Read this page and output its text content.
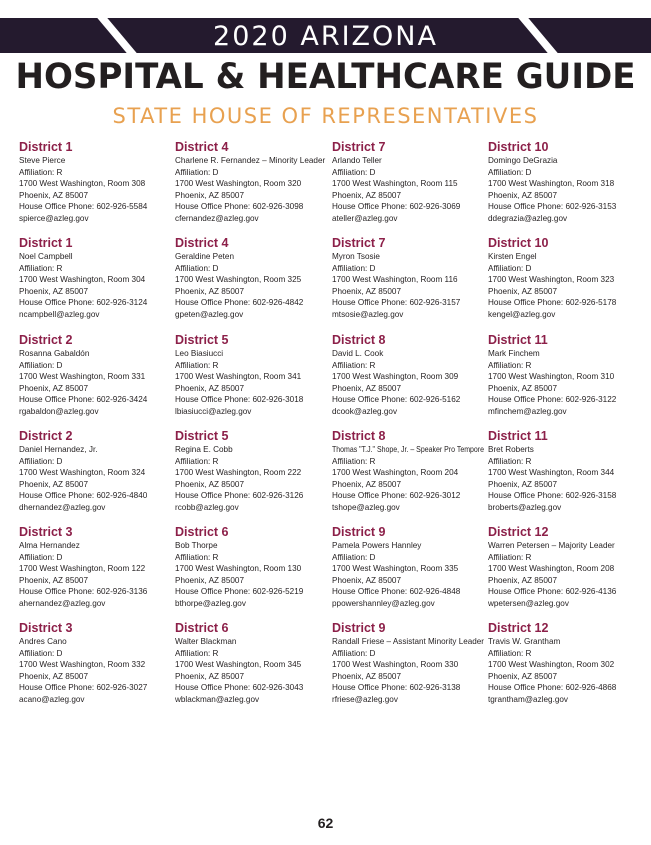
2020 ARIZONA
HOSPITAL & HEALTHCARE GUIDE
STATE HOUSE OF REPRESENTATIVES

District 1

Steve Pierce

Affiliation: R

1700 West Washington, Room 308

Phoenix, AZ 85007

House Office Phone: 602-926-5584

spierce@azleg.gov

District 1

Noel Campbell

Affiliation: R

1700 West Washington, Room 304

Phoenix, AZ 85007

House Office Phone: 602-926-3124

ncampbell@azleg.gov

District 2

Rosanna Gabaldón

Affiliation: D

1700 West Washington, Room 331

Phoenix, AZ 85007

House Office Phone: 602-926-3424

rgabaldon@azleg.gov

District 2

Daniel Hernandez, Jr.

Affiliation: D

1700 West Washington, Room 324

Phoenix, AZ 85007

House Office Phone: 602-926-4840

dhernandez@azleg.gov

District 3

Alma Hernandez

Affiliation: D

1700 West Washington, Room 122

Phoenix, AZ 85007

House Office Phone: 602-926-3136

ahernandez@azleg.gov

District 3

Andres Cano

Affiliation: D

1700 West Washington, Room 332

Phoenix, AZ 85007

House Office Phone: 602-926-3027

acano@azleg.gov

District 4

Charlene R. Fernandez – Minority Leader

Affiliation: D

1700 West Washington, Room 320

Phoenix, AZ 85007

House Office Phone: 602-926-3098

cfernandez@azleg.gov

District 4

Geraldine Peten

Affiliation: D

1700 West Washington, Room 325

Phoenix, AZ 85007

House Office Phone: 602-926-4842

gpeten@azleg.gov

District 5

Leo Biasiucci

Affiliation: R

1700 West Washington, Room 341

Phoenix, AZ 85007

House Office Phone: 602-926-3018

lbiasiucci@azleg.gov

District 5

Regina E. Cobb

Affiliation: R

1700 West Washington, Room 222

Phoenix, AZ 85007

House Office Phone: 602-926-3126

rcobb@azleg.gov

District 6

Bob Thorpe

Affiliation: R

1700 West Washington, Room 130

Phoenix, AZ 85007

House Office Phone: 602-926-5219

bthorpe@azleg.gov

District 6

Walter Blackman

Affiliation: R

1700 West Washington, Room 345

Phoenix, AZ 85007

House Office Phone: 602-926-3043

wblackman@azleg.gov

District 7

Arlando Teller

Affiliation: D

1700 West Washington, Room 115

Phoenix, AZ 85007

House Office Phone: 602-926-3069

ateller@azleg.gov

District 7

Myron Tsosie

Affiliation: D

1700 West Washington, Room 116

Phoenix, AZ 85007

House Office Phone: 602-926-3157

mtsosie@azleg.gov

District 8

David L. Cook

Affiliation: R

1700 West Washington, Room 309

Phoenix, AZ 85007

House Office Phone: 602-926-5162

dcook@azleg.gov

District 8

Thomas "T.J." Shope, Jr. – Speaker Pro Tempore

Affiliation: R

1700 West Washington, Room 204

Phoenix, AZ 85007

House Office Phone: 602-926-3012

tshope@azleg.gov

District 9

Pamela Powers Hannley

Affiliation: D

1700 West Washington, Room 335

Phoenix, AZ 85007

House Office Phone: 602-926-4848

ppowershannley@azleg.gov

District 9

Randall Friese – Assistant Minority Leader

Affiliation: D

1700 West Washington, Room 330

Phoenix, AZ 85007

House Office Phone: 602-926-3138

rfriese@azleg.gov

District 10

Domingo DeGrazia

Affiliation: D

1700 West Washington, Room 318

Phoenix, AZ 85007

House Office Phone: 602-926-3153

ddegrazia@azleg.gov

District 10

Kirsten Engel

Affiliation: D

1700 West Washington, Room 323

Phoenix, AZ 85007

House Office Phone: 602-926-5178

kengel@azleg.gov

District 11

Mark Finchem

Affiliation: R

1700 West Washington, Room 310

Phoenix, AZ 85007

House Office Phone: 602-926-3122

mfinchem@azleg.gov

District 11

Bret Roberts

Affiliation: R

1700 West Washington, Room 344

Phoenix, AZ 85007

House Office Phone: 602-926-3158

broberts@azleg.gov

District 12

Warren Petersen – Majority Leader

Affiliation: R

1700 West Washington, Room 208

Phoenix, AZ 85007

House Office Phone: 602-926-4136

wpetersen@azleg.gov

District 12

Travis W. Grantham

Affiliation: R

1700 West Washington, Room 302

Phoenix, AZ 85007

House Office Phone: 602-926-4868

tgrantham@azleg.gov

62
